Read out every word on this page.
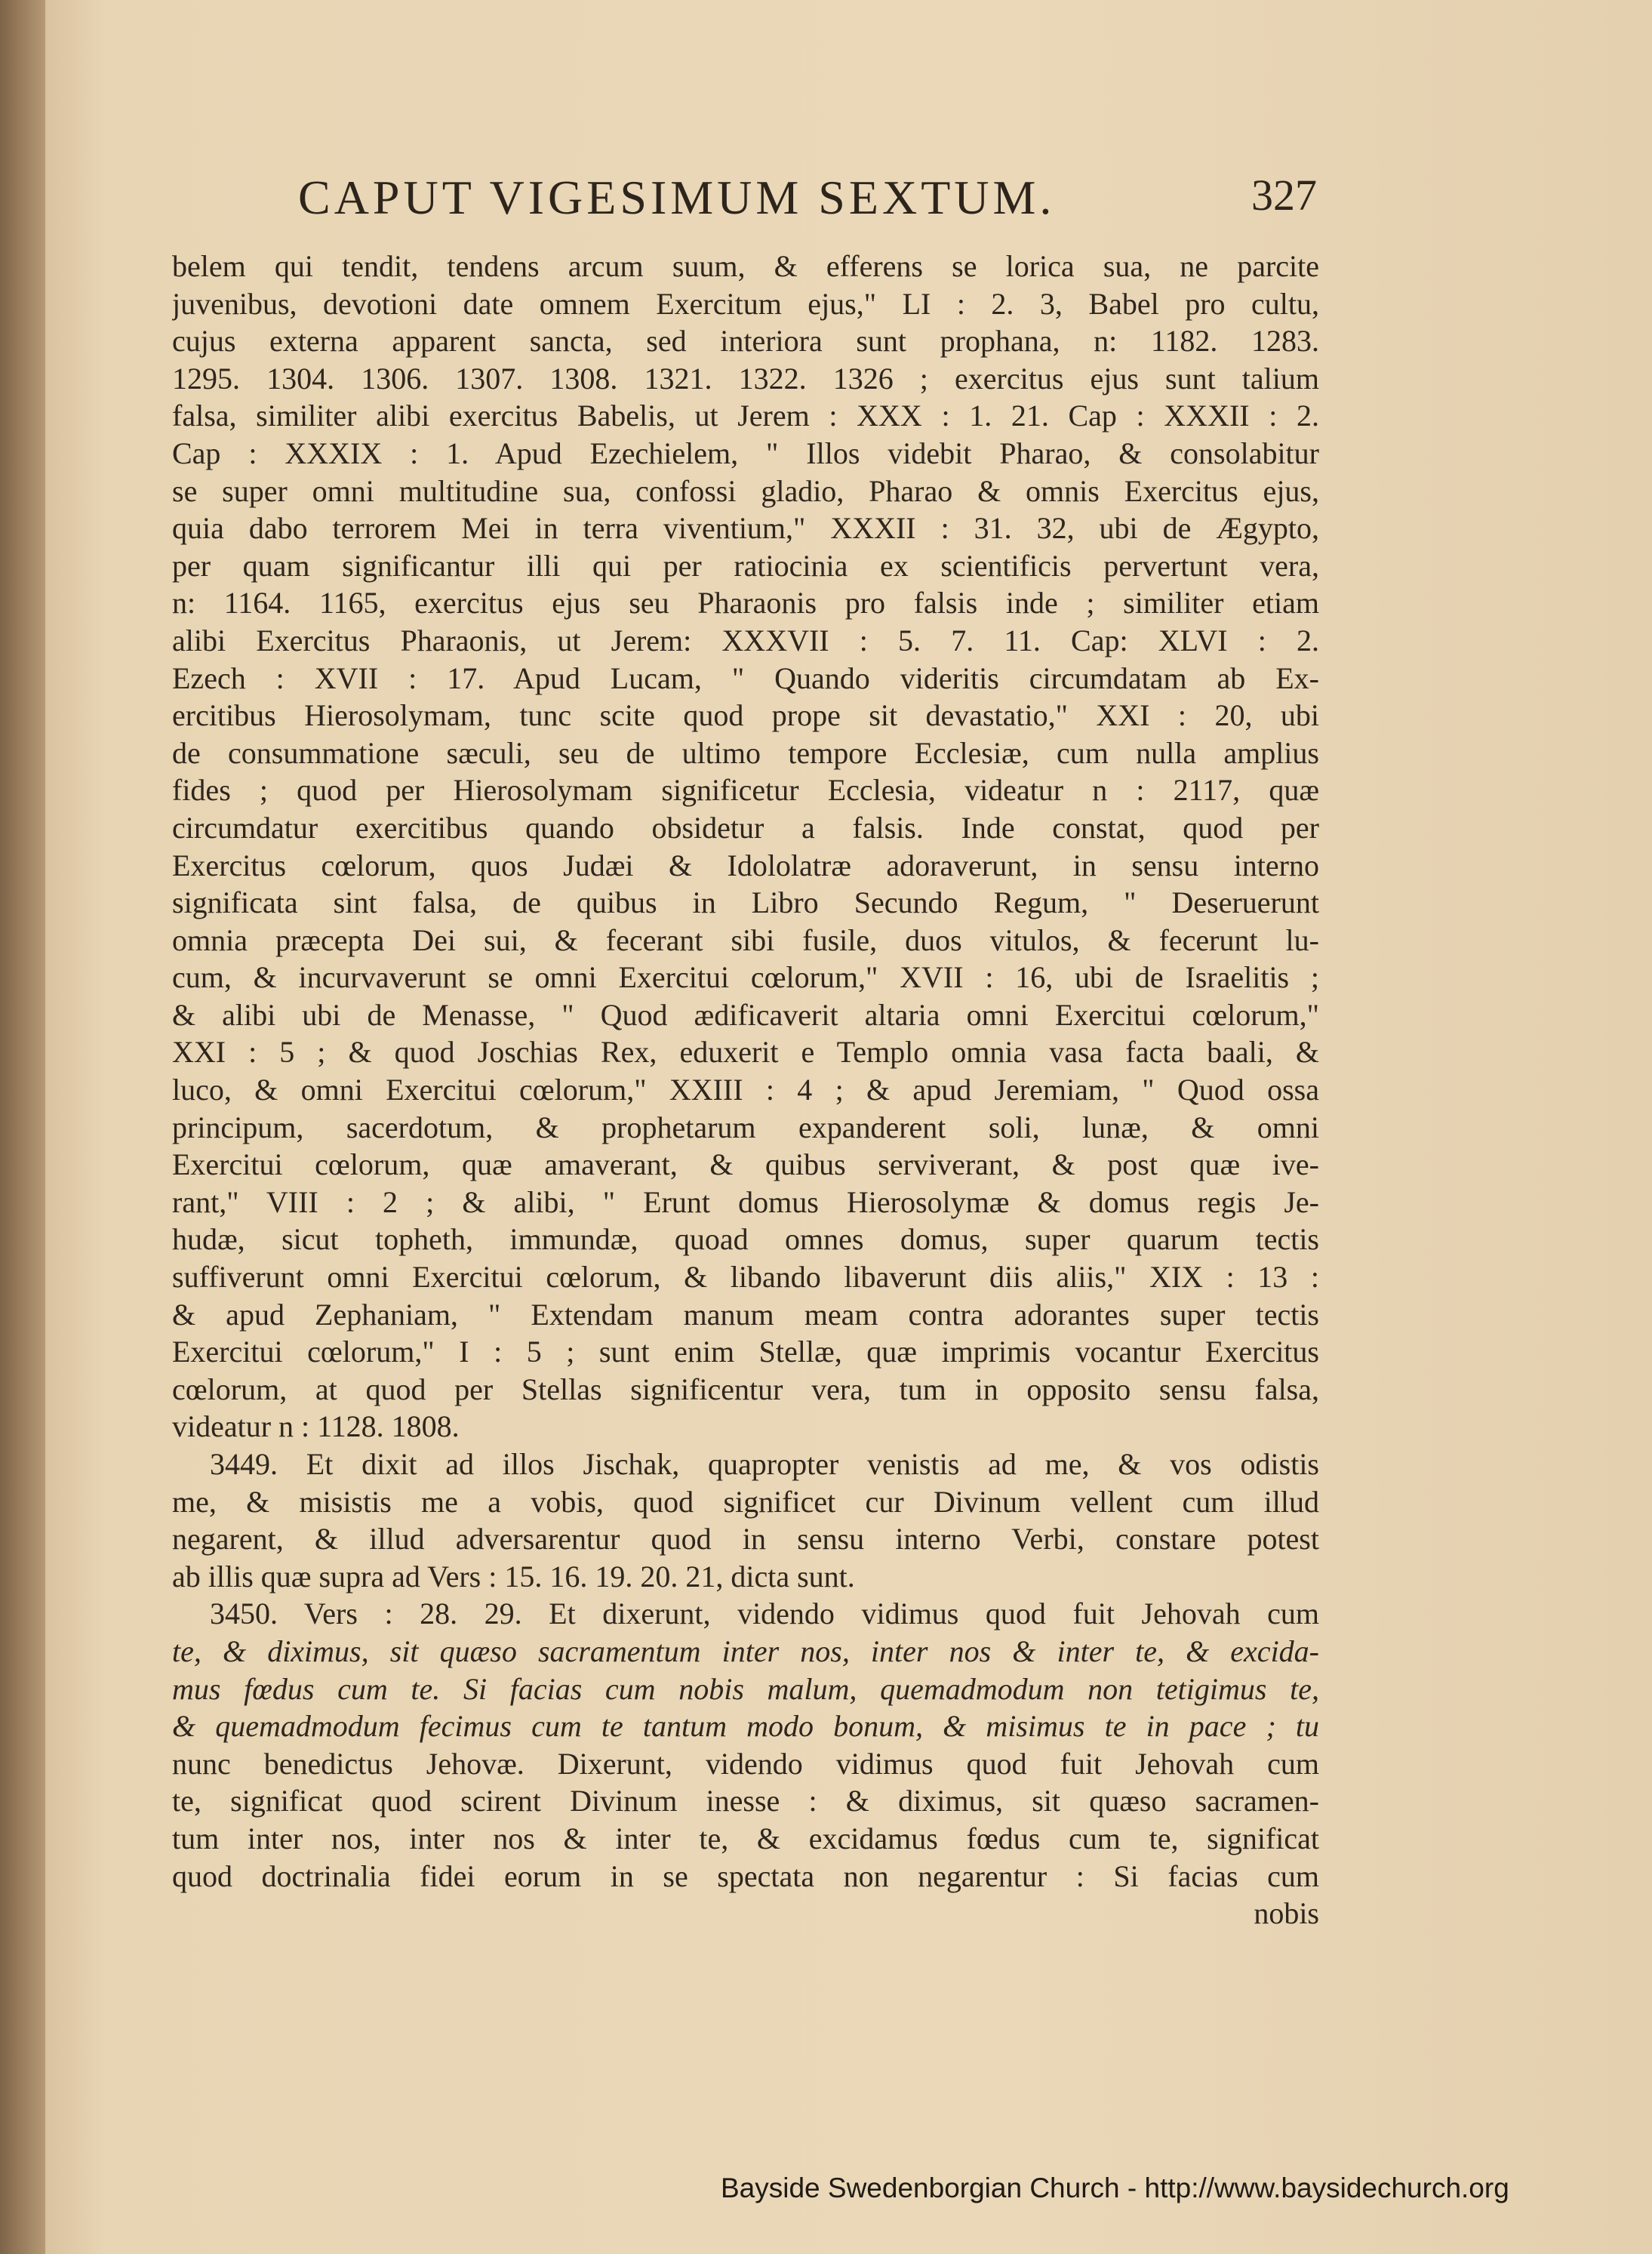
CAPUT VIGESIMUM SEXTUM.	327
belem qui tendit, tendens arcum suum, & efferens se lorica sua, ne parcite
juvenibus, devotioni date omnem Exercitum ejus," LI : 2. 3, Babel pro cultu,
cujus externa apparent sancta, sed interiora sunt prophana, n: 1182. 1283.
1295. 1304. 1306. 1307. 1308. 1321. 1322. 1326 ; exercitus ejus sunt talium
falsa, similiter alibi exercitus Babelis, ut Jerem : XXX : 1. 21. Cap : XXXII : 2.
Cap : XXXIX : 1. Apud Ezechielem, " Illos videbit Pharao, & consolabitur
se super omni multitudine sua, confossi gladio, Pharao & omnis Exercitus ejus,
quia dabo terrorem Mei in terra viventium," XXXII : 31. 32, ubi de Ægypto,
per quam significantur illi qui per ratiocinia ex scientificis pervertunt vera,
n: 1164. 1165, exercitus ejus seu Pharaonis pro falsis inde ; similiter etiam
alibi Exercitus Pharaonis, ut Jerem: XXXVII : 5. 7. 11. Cap: XLVI : 2.
Ezech : XVII : 17. Apud Lucam, " Quando videritis circumdatam ab Ex-
ercitibus Hierosolymam, tunc scite quod prope sit devastatio," XXI : 20, ubi
de consummatione sæculi, seu de ultimo tempore Ecclesiæ, cum nulla amplius
fides ; quod per Hierosolymam significetur Ecclesia, videatur n : 2117, quæ
circumdatur exercitibus quando obsidetur a falsis. Inde constat, quod per
Exercitus cœlorum, quos Judæi & Idololatræ adoraverunt, in sensu interno
significata sint falsa, de quibus in Libro Secundo Regum, " Deseruerunt
omnia præcepta Dei sui, & fecerant sibi fusile, duos vitulos, & fecerunt lu-
cum, & incurvaverunt se omni Exercitui cœlorum," XVII : 16, ubi de Israelitis ;
& alibi ubi de Menasse, " Quod ædificaverit altaria omni Exercitui cœlorum,"
XXI : 5 ; & quod Joschias Rex, eduxerit e Templo omnia vasa facta baali, &
luco, & omni Exercitui cœlorum," XXIII : 4 ; & apud Jeremiam, " Quod ossa
principum, sacerdotum, & prophetarum expanderent soli, lunæ, & omni
Exercitui cœlorum, quæ amaverant, & quibus serviverant, & post quæ ive-
rant," VIII : 2 ; & alibi, " Erunt domus Hierosolymæ & domus regis Je-
hudæ, sicut topheth, immundæ, quoad omnes domus, super quarum tectis
suffiverunt omni Exercitui cœlorum, & libando libaverunt diis aliis," XIX : 13 :
& apud Zephaniam, " Extendam manum meam contra adorantes super tectis
Exercitui cœlorum," I : 5 ; sunt enim Stellæ, quæ imprimis vocantur Exercitus
cœlorum, at quod per Stellas significentur vera, tum in opposito sensu falsa,
videatur n : 1128. 1808.
3449. Et dixit ad illos Jischak, quapropter venistis ad me, & vos odistis
me, & misistis me a vobis, quod significet cur Divinum vellent cum illud
negarent, & illud adversarentur quod in sensu interno Verbi, constare potest
ab illis quæ supra ad Vers : 15. 16. 19. 20. 21, dicta sunt.
3450. Vers : 28. 29. Et dixerunt, videndo vidimus quod fuit Jehovah cum
te, & diximus, sit quæso sacramentum inter nos, inter nos & inter te, & excida-
mus fœdus cum te. Si facias cum nobis malum, quemadmodum non tetigimus te,
& quemadmodum fecimus cum te tantum modo bonum, & misimus te in pace ; tu
nunc benedictus Jehovæ. Dixerunt, videndo vidimus quod fuit Jehovah cum
te, significat quod scirent Divinum inesse : & diximus, sit quæso sacramen-
tum inter nos, inter nos & inter te, & excidamus fœdus cum te, significat
quod doctrinalia fidei eorum in se spectata non negarentur : Si facias cum
nobis
Bayside Swedenborgian Church - http://www.baysidechurch.org
